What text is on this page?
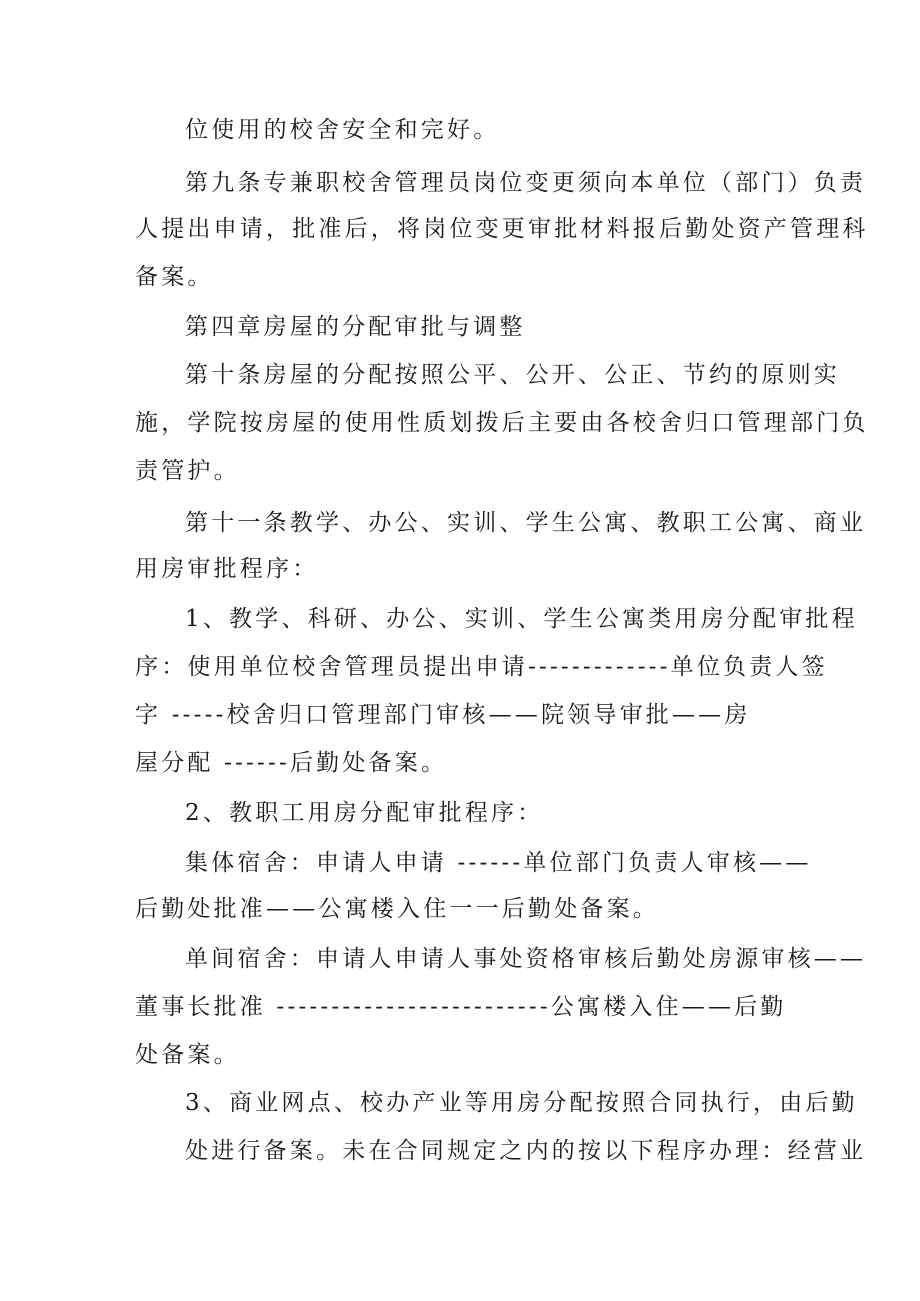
位使用的校舍安全和完好。
第九条专兼职校舍管理员岗位变更须向本单位（部门）负责
人提出申请，批准后，将岗位变更审批材料报后勤处资产管理科
备案。
第四章房屋的分配审批与调整
第十条房屋的分配按照公平、公开、公正、节约的原则实
施，学院按房屋的使用性质划拨后主要由各校舍归口管理部门负
责管护。
第十一条教学、办公、实训、学生公寓、教职工公寓、商业
用房审批程序：
1、教学、科研、办公、实训、学生公寓类用房分配审批程
序：使用单位校舍管理员提出申请-------------单位负责人签
字 -----校舍归口管理部门审核——院领导审批——房
屋分配 ------后勤处备案。
2、教职工用房分配审批程序：
集体宿舍：申请人申请 ------单位部门负责人审核——
后勤处批准——公寓楼入住一一后勤处备案。
单间宿舍：申请人申请人事处资格审核后勤处房源审核——
董事长批准 -------------------------公寓楼入住——后勤
处备案。
3、商业网点、校办产业等用房分配按照合同执行，由后勤
处进行备案。未在合同规定之内的按以下程序办理：经营业
